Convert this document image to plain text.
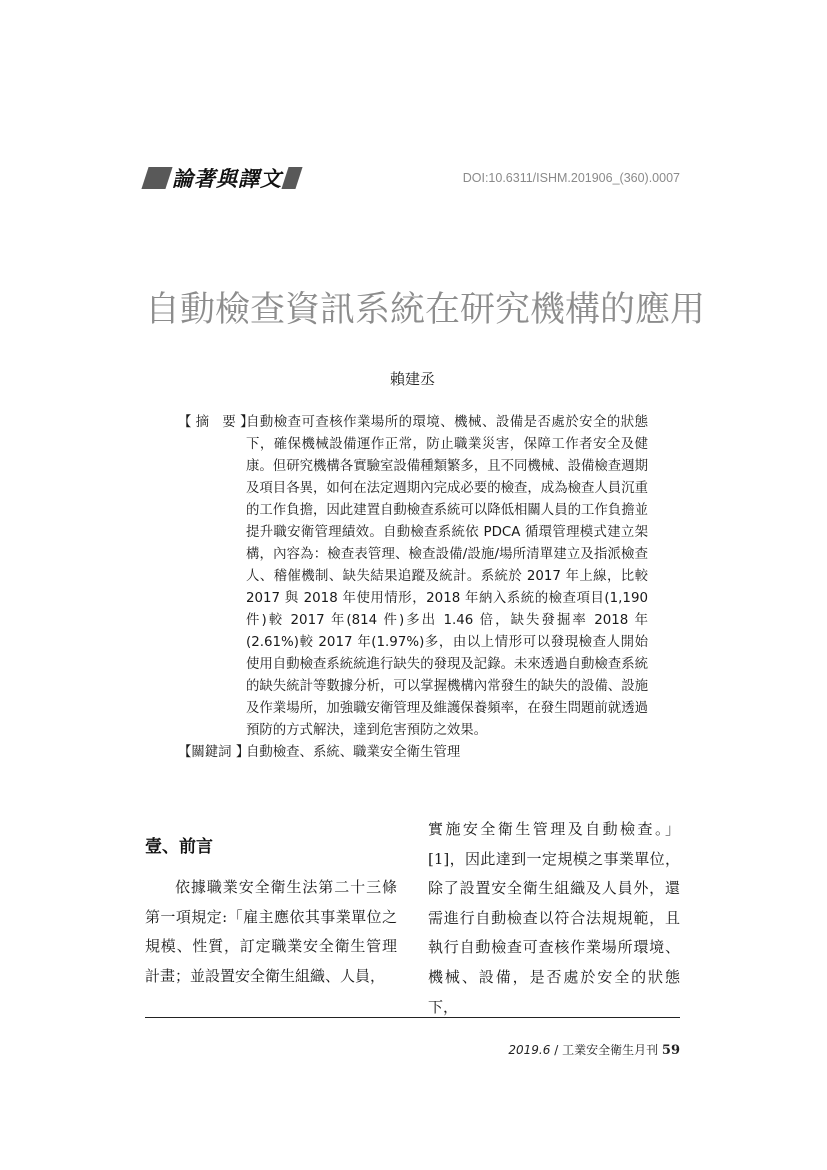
論著與譯文	DOI:10.6311/ISHM.201906_(360).0007
自動檢查資訊系統在研究機構的應用
賴建丞
【 摘　要 】
自動檢查可查核作業場所的環境、機械、設備是否處於安全的狀態下，確保機械設備運作正常，防止職業災害，保障工作者安全及健康。但研究機構各實驗室設備種類繁多，且不同機械、設備檢查週期及項目各異，如何在法定週期內完成必要的檢查，成為檢查人員沉重的工作負擔，因此建置自動檢查系統可以降低相關人員的工作負擔並提升職安衛管理績效。自動檢查系統依 PDCA 循環管理模式建立架構，內容為：檢查表管理、檢查設備/設施/場所清單建立及指派檢查人、稽催機制、缺失結果追蹤及統計。系統於 2017 年上線，比較 2017 與 2018 年使用情形，2018 年納入系統的檢查項目(1,190 件)較 2017 年(814 件)多出 1.46 倍，缺失發掘率 2018 年(2.61%)較 2017 年(1.97%)多，由以上情形可以發現檢查人開始使用自動檢查系統統進行缺失的發現及記錄。未來透過自動檢查系統的缺失統計等數據分析，可以掌握機構內常發生的缺失的設備、設施及作業場所，加強職安衛管理及維護保養頻率，在發生問題前就透過預防的方式解決，達到危害預防之效果。
【關鍵詞 】
自動檢查、系統、職業安全衛生管理
壹、前言

依據職業安全衛生法第二十三條第一項規定:「雇主應依其事業單位之規模、性質，訂定職業安全衛生管理計畫；並設置安全衛生組織、人員，

實施安全衛生管理及自動檢查。」[1]，因此達到一定規模之事業單位，除了設置安全衛生組織及人員外，還需進行自動檢查以符合法規規範，且執行自動檢查可查核作業場所環境、機械、設備，是否處於安全的狀態下，

2019.6 / 工業安全衛生月刊 59
